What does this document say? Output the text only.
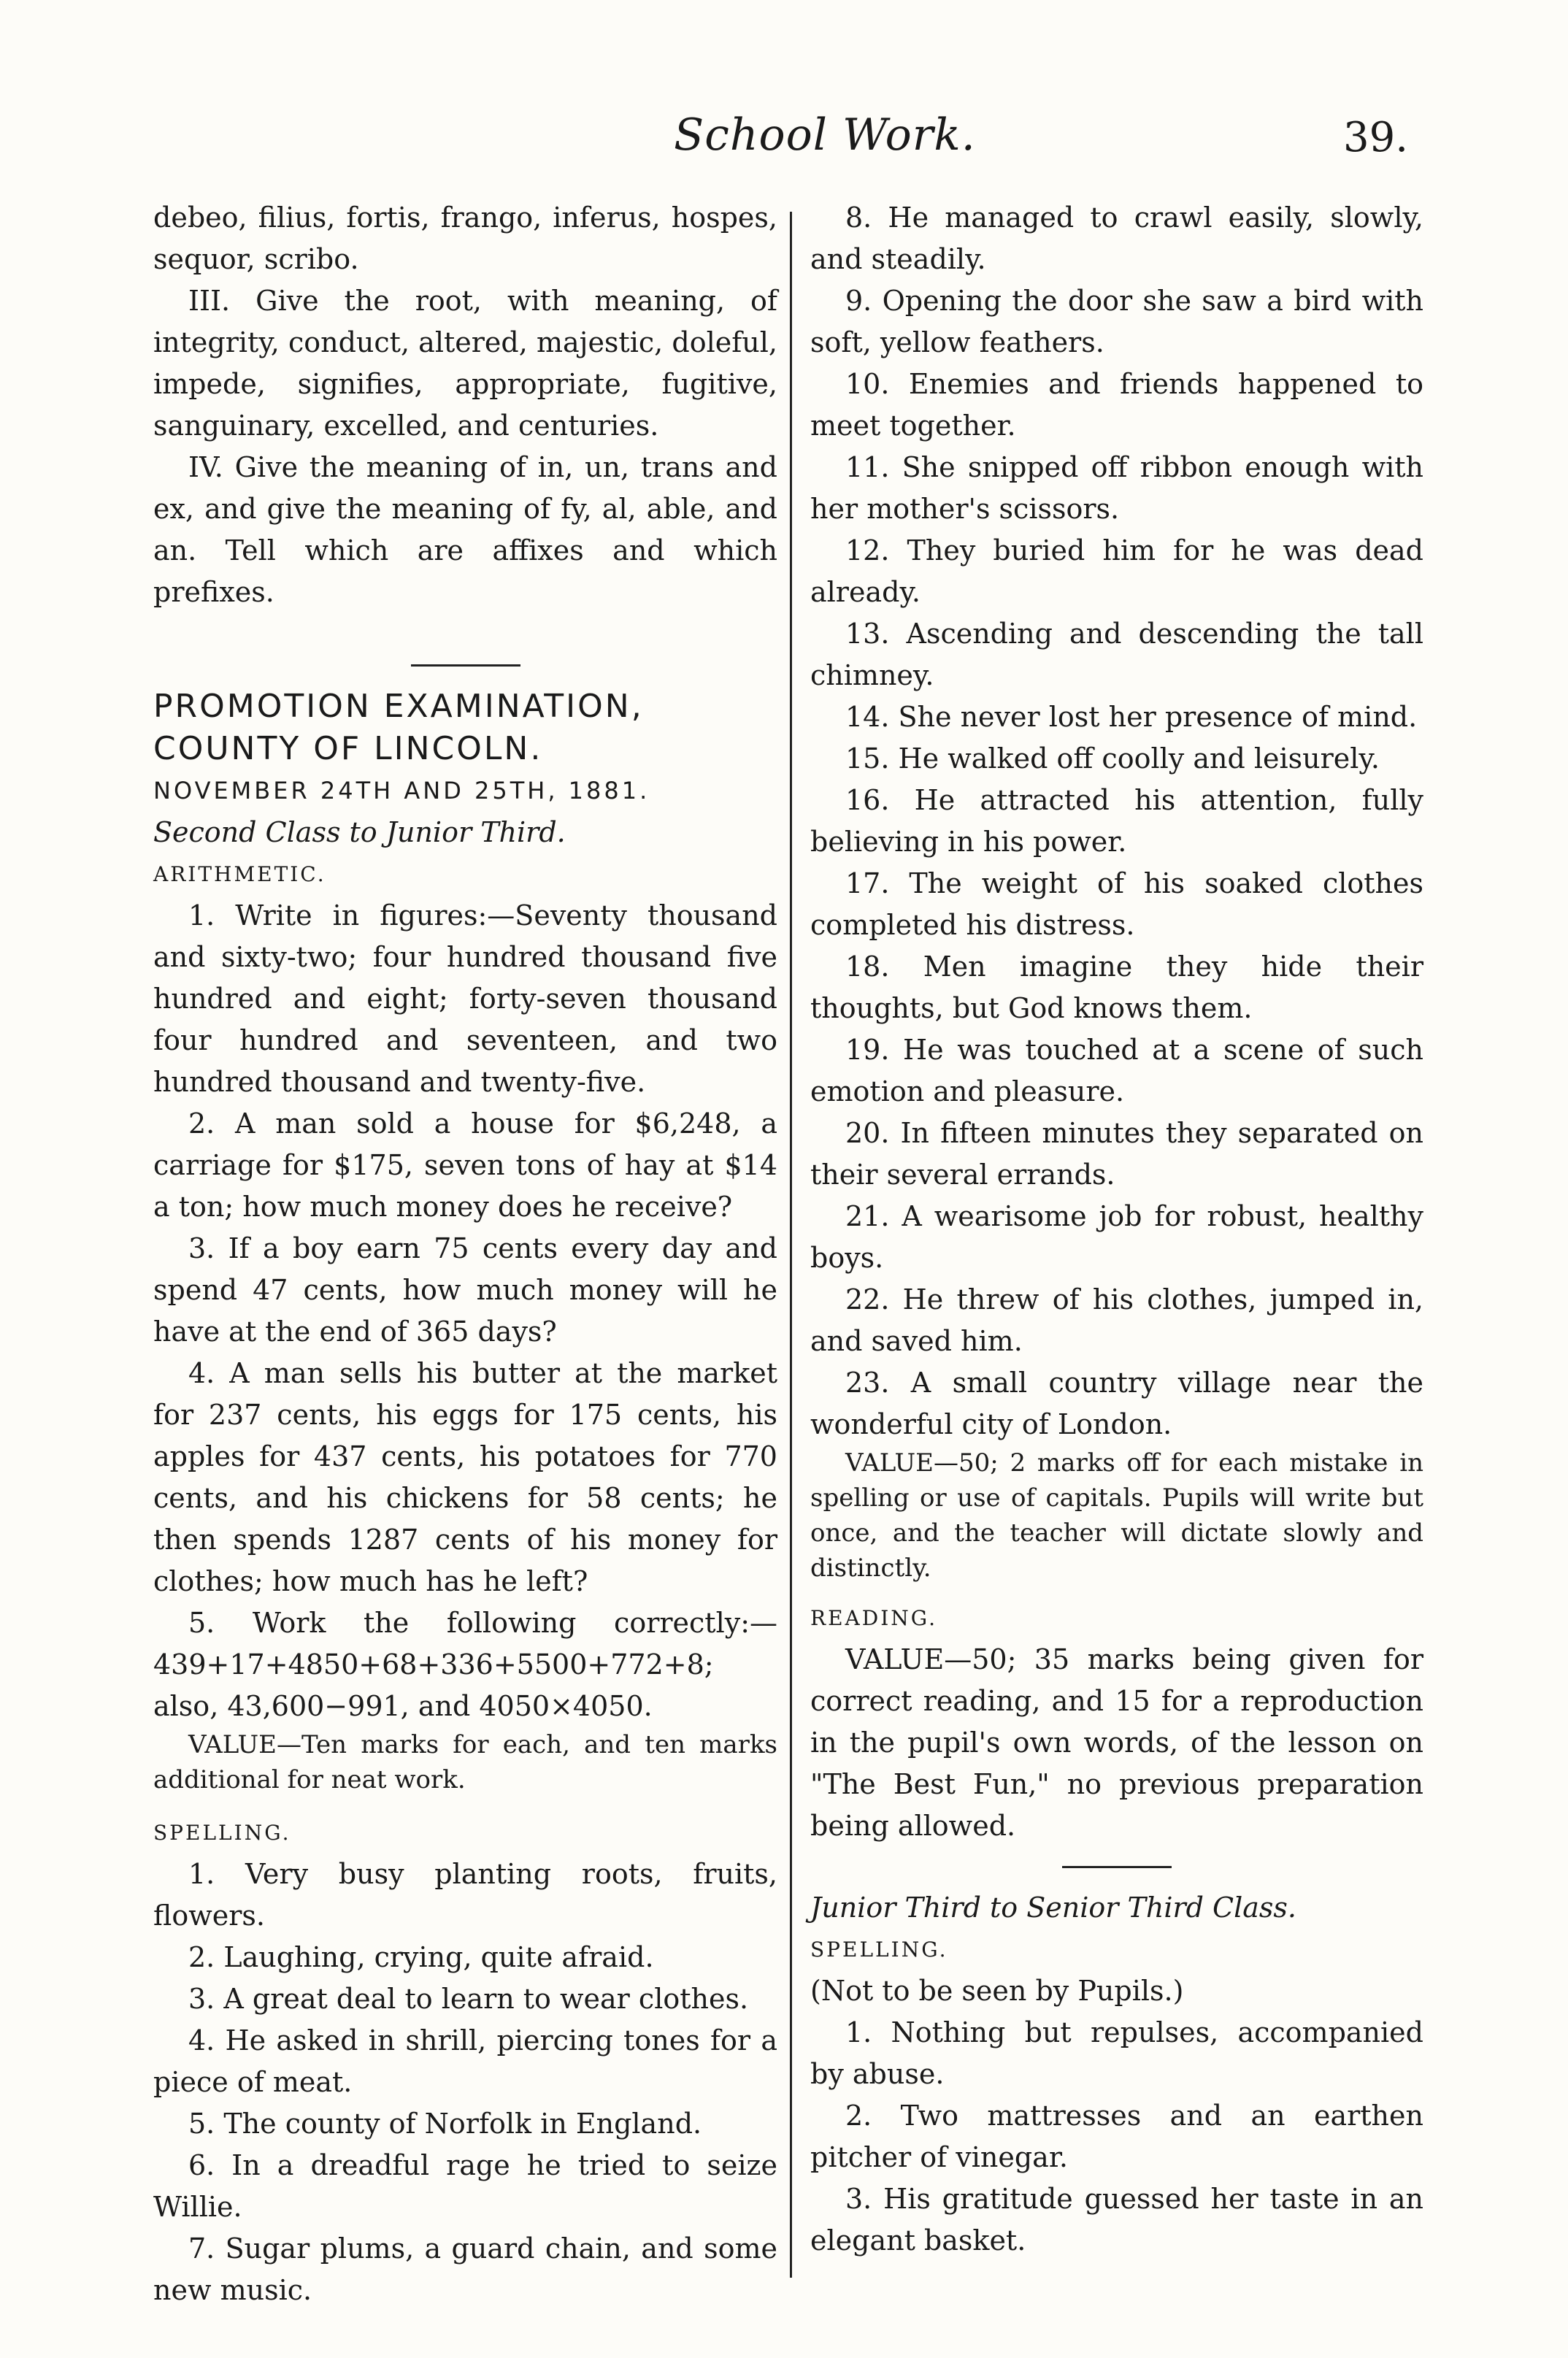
School Work.	39.

debeo, filius, fortis, frango, inferus, hospes, sequor, scribo.

III. Give the root, with meaning, of integrity, conduct, altered, majestic, doleful, impede, signifies, appropriate, fugitive, sanguinary, excelled, and centuries.

IV. Give the meaning of in, un, trans and ex, and give the meaning of fy, al, able, and an. Tell which are affixes and which prefixes.

PROMOTION EXAMINATION,

COUNTY OF LINCOLN.

NOVEMBER 24TH AND 25TH, 1881.

Second Class to Junior Third.

ARITHMETIC.

1. Write in figures:—Seventy thousand and sixty-two; four hundred thousand five hundred and eight; forty-seven thousand four hundred and seventeen, and two hundred thousand and twenty-five.

2. A man sold a house for $6,248, a carriage for $175, seven tons of hay at $14 a ton; how much money does he receive?

3. If a boy earn 75 cents every day and spend 47 cents, how much money will he have at the end of 365 days?

4. A man sells his butter at the market for 237 cents, his eggs for 175 cents, his apples for 437 cents, his potatoes for 770 cents, and his chickens for 58 cents; he then spends 1287 cents of his money for clothes; how much has he left?

5. Work the following correctly:—439+17+4850+68+336+5500+772+8; also, 43,600−991, and 4050×4050.

VALUE—Ten marks for each, and ten marks additional for neat work.

SPELLING.

1. Very busy planting roots, fruits, flowers.

2. Laughing, crying, quite afraid.

3. A great deal to learn to wear clothes.

4. He asked in shrill, piercing tones for a piece of meat.

5. The county of Norfolk in England.

6. In a dreadful rage he tried to seize Willie.

7. Sugar plums, a guard chain, and some new music.

8. He managed to crawl easily, slowly, and steadily.

9. Opening the door she saw a bird with soft, yellow feathers.

10. Enemies and friends happened to meet together.

11. She snipped off ribbon enough with her mother's scissors.

12. They buried him for he was dead already.

13. Ascending and descending the tall chimney.

14. She never lost her presence of mind.

15. He walked off coolly and leisurely.

16. He attracted his attention, fully believing in his power.

17. The weight of his soaked clothes completed his distress.

18. Men imagine they hide their thoughts, but God knows them.

19. He was touched at a scene of such emotion and pleasure.

20. In fifteen minutes they separated on their several errands.

21. A wearisome job for robust, healthy boys.

22. He threw of his clothes, jumped in, and saved him.

23. A small country village near the wonderful city of London.

VALUE—50; 2 marks off for each mistake in spelling or use of capitals. Pupils will write but once, and the teacher will dictate slowly and distinctly.

READING.

VALUE—50; 35 marks being given for correct reading, and 15 for a reproduction in the pupil's own words, of the lesson on "The Best Fun," no previous preparation being allowed.

Junior Third to Senior Third Class.

SPELLING.

(Not to be seen by Pupils.)

1. Nothing but repulses, accompanied by abuse.

2. Two mattresses and an earthen pitcher of vinegar.

3. His gratitude guessed her taste in an elegant basket.
